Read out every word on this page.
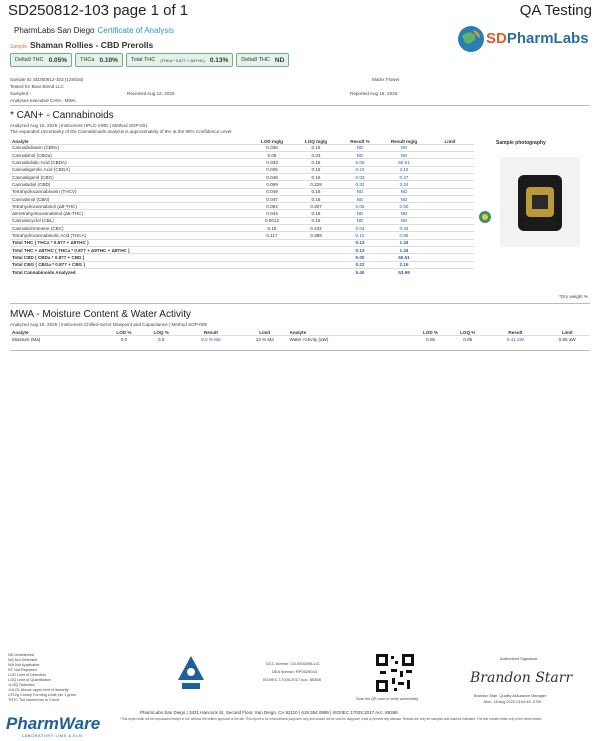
SD250812-103 page 1 of 1	QA Testing
PharmLabs San Diego Certificate of Analysis
Sample Shaman Rollies - CBD Prerolls
Delta9 THC 0.05% THCa 0.10% Total THC (THCa * 0.877 + Δ9THC) 0.13% Delta8 THC ND
SDPharmLabs
Sample ID SD250812-103 (125016)	Matrix Flower
Tested for Bear Blend LLC
Sampled -	Received Aug 12, 2025	Reported Aug 18, 2025
Analyses executed CAN+, MWA
* CAN+ - Cannabinoids
Analyzed Aug 15, 2025 | Instrument HPLC-VWD | Method SOP-001
The expanded Uncertainty of the Cannabinoids analysis is approximately of 8% at the 95% Confidence Level
Analyte	LOD mg/g	LOQ mg/g	Result %	Result mg/g	Limit
Cannabidivarin (CBDv)	0.039	0.16	ND	ND	
Cannabinol (CBDa)	0.05	0.03	ND	ND	
Cannabidiolic Acid (CBDA)	0.033	0.16	5.05	50.51	
Cannabigerolic Acid (CBGA)	0.035	0.16	0.22	2.16	
Cannabigerol (CBG)	0.048	0.16	0.03	0.27	
Cannabidiol (CBD)	0.069	0.229	0.32	3.24	
Tetrahydrocannabivarin (THCV)	0.049	0.16	ND	ND	
Cannabinol (CBN)	0.047	0.16	ND	ND	
Tetrahydrocannabinol (Δ9-THC)	0.092	0.307	0.05	0.50	
Δ8-tetrahydrocannabinol (Δ8-THC)	0.044	0.16	ND	ND	
Cannabicyclol (CBL)	0.0012	0.16	ND	ND	
Cannabichromene (CBC)	0.15	0.432	0.04	0.44	
Tetrahydrocannabinolic Acid (THCA)	0.117	0.389	0.10	0.96	
Total THC ( THCa * 0.877 + Δ9THC )			0.13	1.34	
Total THC + Δ8THC ( THCa * 0.877 + Δ9THC + Δ8THC )			0.13	1.34	
Total CBD ( CBDa * 0.877 + CBD )			5.00	50.01	
Total CBG ( CBGa * 0.877 + CBG )			0.22	2.16	
Total Cannabinoids Analyzed			5.40	53.99	
Sample photography
*Dry weight %
MWA - Moisture Content & Water Activity
Analyzed Aug 18, 2025 | Instrument Chilled-mirror Dewpoint and Capacitance | Method SOP-009
Analyte	LOD %	LOQ %	Result	Limit	Analyte	LOD %	LOQ %	Result	Limit
Moisture (Ma)	0.0	0.0	9.0 % Ma	13 % Ma	Water Activity (aW)	0.05	0.05	0.41 aW	0.65 aW
ND Undetected
NQ Not Detected
N/A Not Applicable
NT Not Reported
LOD Limit of Detection
LOQ Limit of Quantitation
<LOQ Detected
>ULOL Above upper limit of linearity
CFU/g Colony Forming Units per 1 gram
TNTC Too Numerous to Count
DCC license: C8-0000096-LIC
DEA license: RP0529043
ISO/IEC 17025:2017 Acc. 85368
Scan the QR code to verify authenticity
Authorized Signature
Brandon Starr
Brandon Starr, Quality Assurance Manager
Mon, 18 Aug 2025 13:54:45 -0700
PharmLabs San Diego | 3421 Hancock St, Second Floor, San Diego, CA 92110 | 619.354.0899 | ISO/IEC 17025:2017 Acc. 85368
PharmWare
LABORATORY LIMS & ELN
*This report shall not be reproduced except in full, without the written approval of the lab. This report is for informational purposes only and should not be used to diagnose, treat or prevent any disease. Results are only for samples and batches indicated. The test results relate only to the items tested.
